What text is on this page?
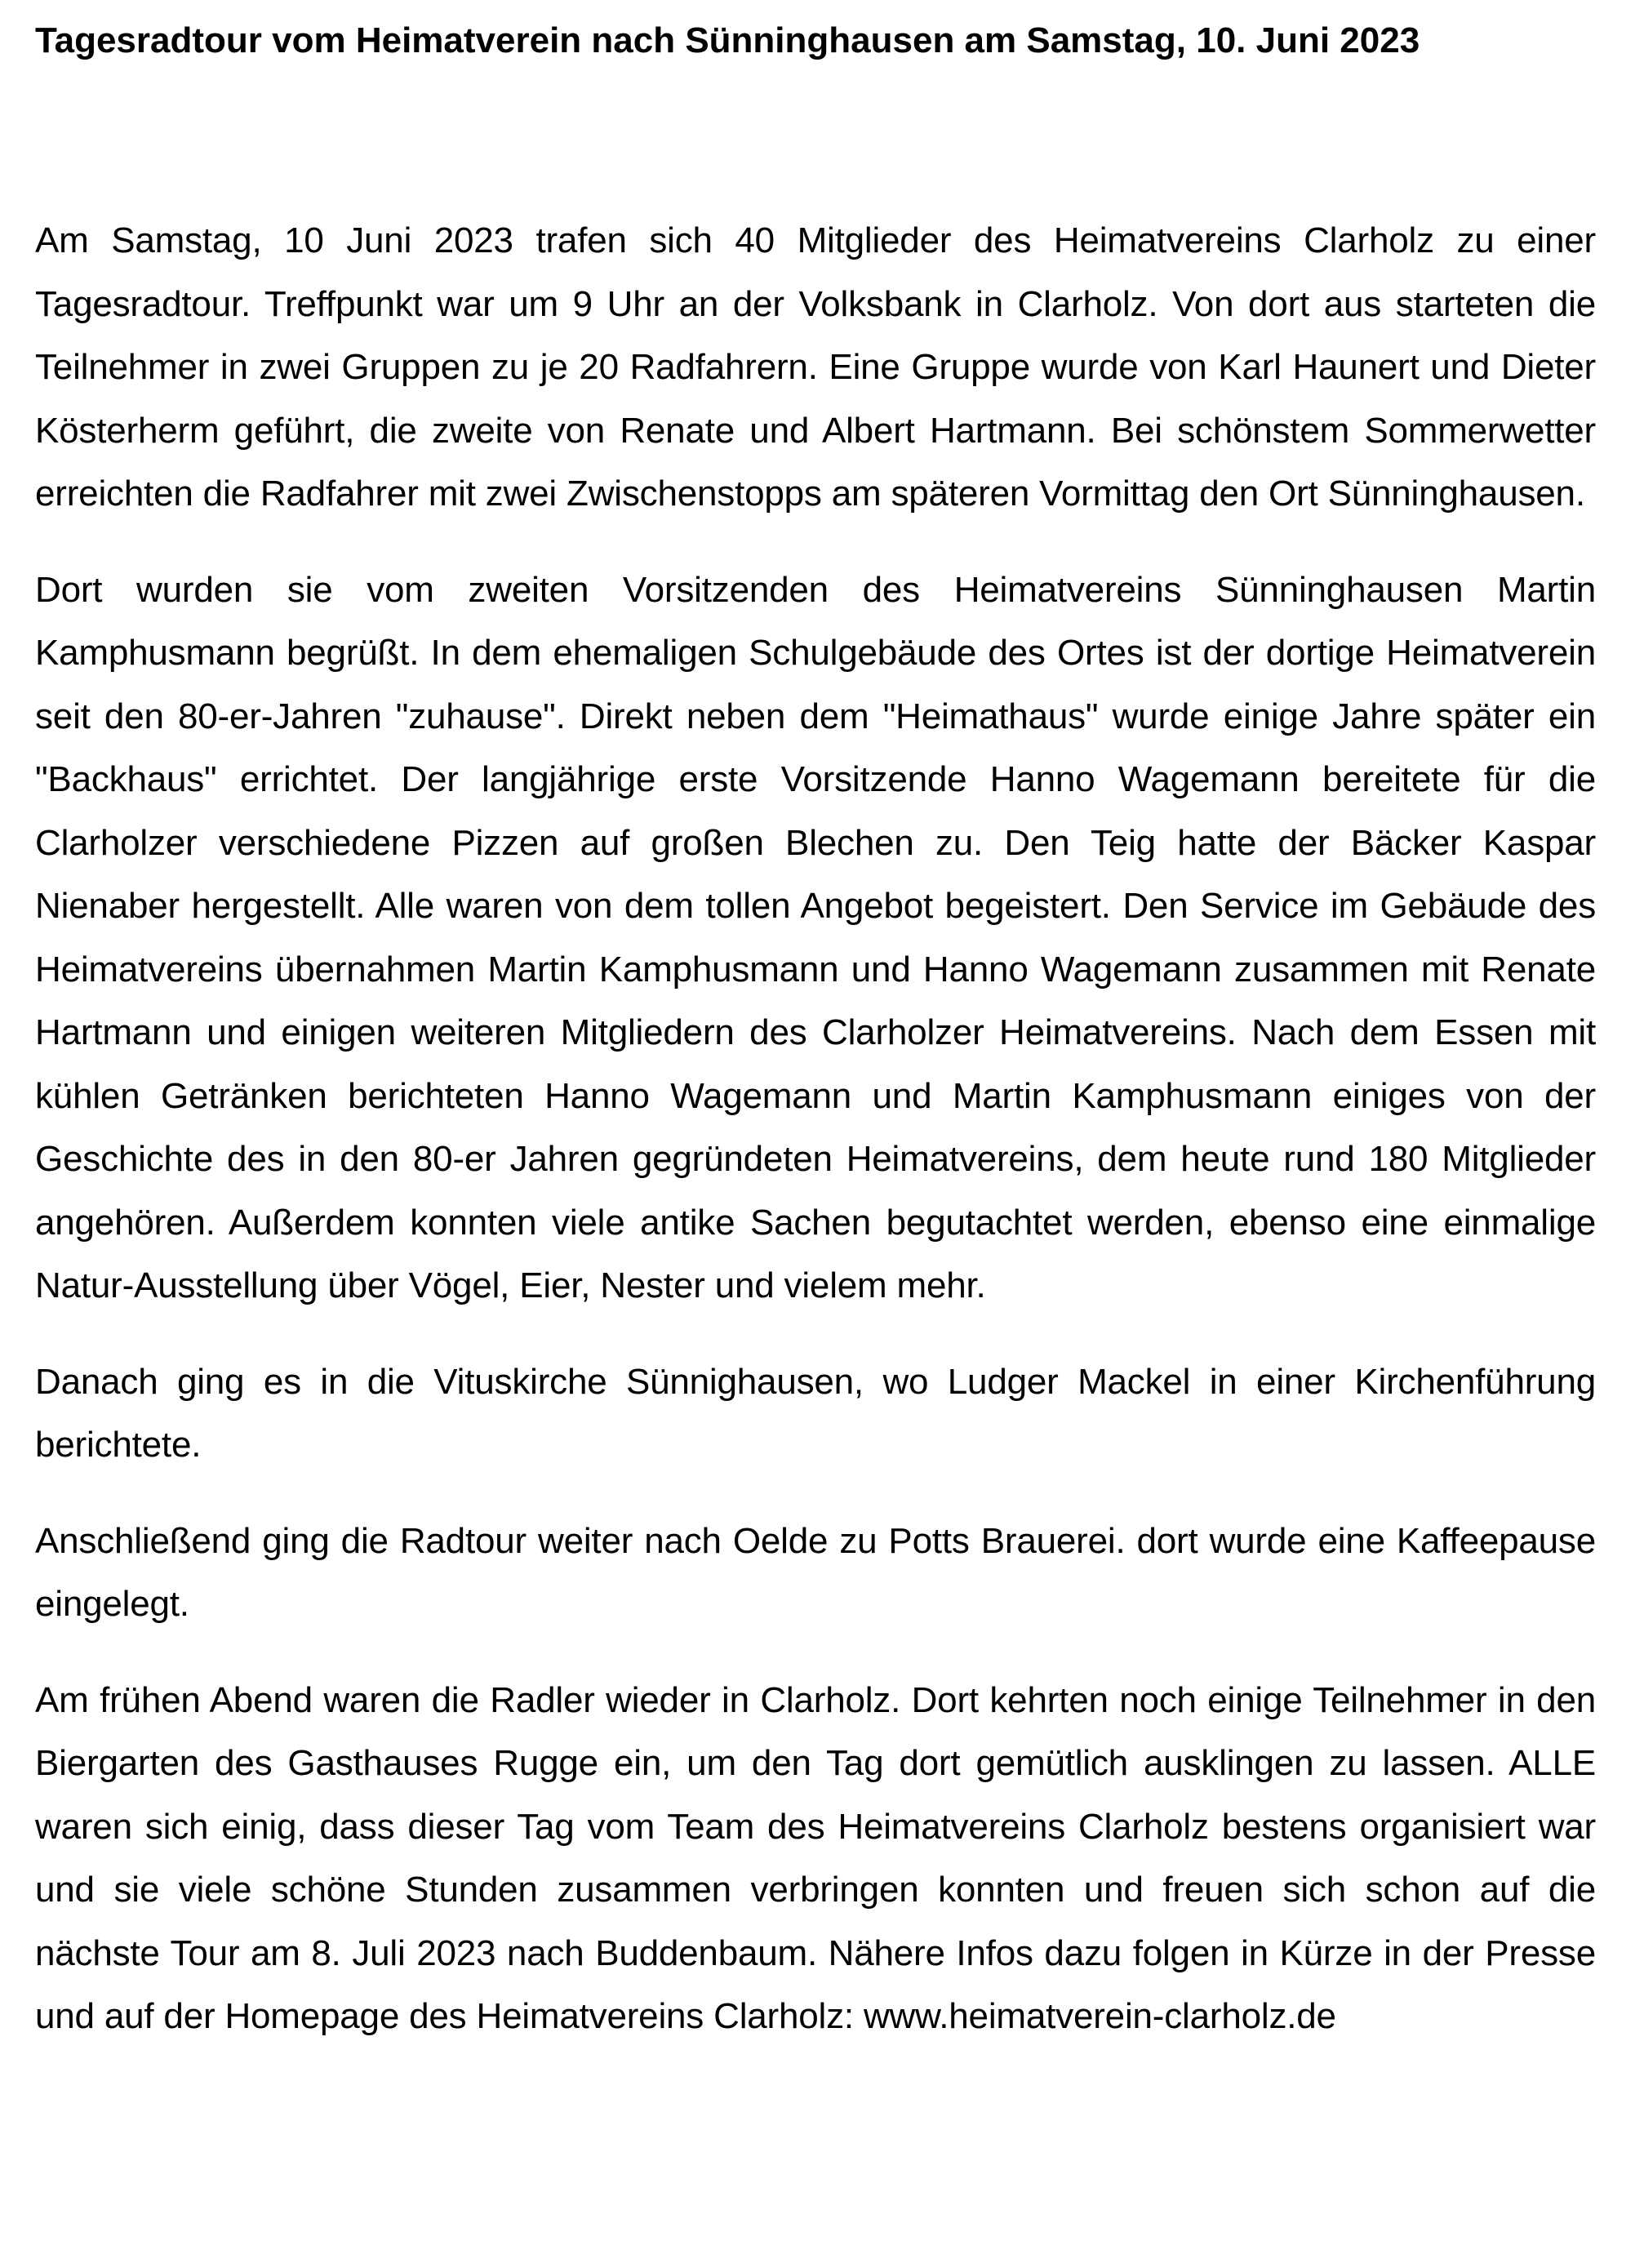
Tagesradtour vom Heimatverein nach Sünninghausen am Samstag, 10. Juni 2023

Am Samstag, 10 Juni 2023 trafen sich 40 Mitglieder des Heimatvereins Clarholz zu einer Tagesradtour. Treffpunkt war um 9 Uhr an der Volksbank in Clarholz. Von dort aus starteten die Teilnehmer in zwei Gruppen zu je 20 Radfahrern. Eine Gruppe wurde von Karl Haunert und Dieter Kösterherm geführt, die zweite von Renate und Albert Hartmann. Bei schönstem Sommerwetter erreichten die Radfahrer mit zwei Zwischenstopps am späteren Vormittag den Ort Sünninghausen.

Dort wurden sie vom zweiten Vorsitzenden des Heimatvereins Sünninghausen Martin Kamphusmann begrüßt. In dem ehemaligen Schulgebäude des Ortes ist der dortige Heimatverein seit den 80-er-Jahren "zuhause". Direkt neben dem "Heimathaus" wurde einige Jahre später ein "Backhaus" errichtet. Der langjährige erste Vorsitzende Hanno Wagemann bereitete für die Clarholzer verschiedene Pizzen auf großen Blechen zu. Den Teig hatte der Bäcker Kaspar Nienaber hergestellt. Alle waren von dem tollen Angebot begeistert. Den Service im Gebäude des Heimatvereins übernahmen Martin Kamphusmann und Hanno Wagemann zusammen mit Renate Hartmann und einigen weiteren Mitgliedern des Clarholzer Heimatvereins. Nach dem Essen mit kühlen Getränken berichteten Hanno Wagemann und Martin Kamphusmann einiges von der Geschichte des in den 80-er Jahren gegründeten Heimatvereins, dem heute rund 180 Mitglieder angehören. Außerdem konnten viele antike Sachen begutachtet werden, ebenso eine einmalige Natur-Ausstellung über Vögel, Eier, Nester und vielem mehr.

Danach ging es in die Vituskirche Sünnighausen, wo Ludger Mackel in einer Kirchenführung berichtete.

Anschließend ging die Radtour weiter nach Oelde zu Potts Brauerei. dort wurde eine Kaffeepause eingelegt.

Am frühen Abend waren die Radler wieder in Clarholz. Dort kehrten noch einige Teilnehmer in den Biergarten des Gasthauses Rugge ein, um den Tag dort gemütlich ausklingen zu lassen. ALLE waren sich einig, dass dieser Tag vom Team des Heimatvereins Clarholz bestens organisiert war und sie viele schöne Stunden zusammen verbringen konnten und freuen sich schon auf die nächste Tour am 8. Juli 2023 nach Buddenbaum. Nähere Infos dazu folgen in Kürze in der Presse und auf der Homepage des Heimatvereins Clarholz: www.heimatverein-clarholz.de
